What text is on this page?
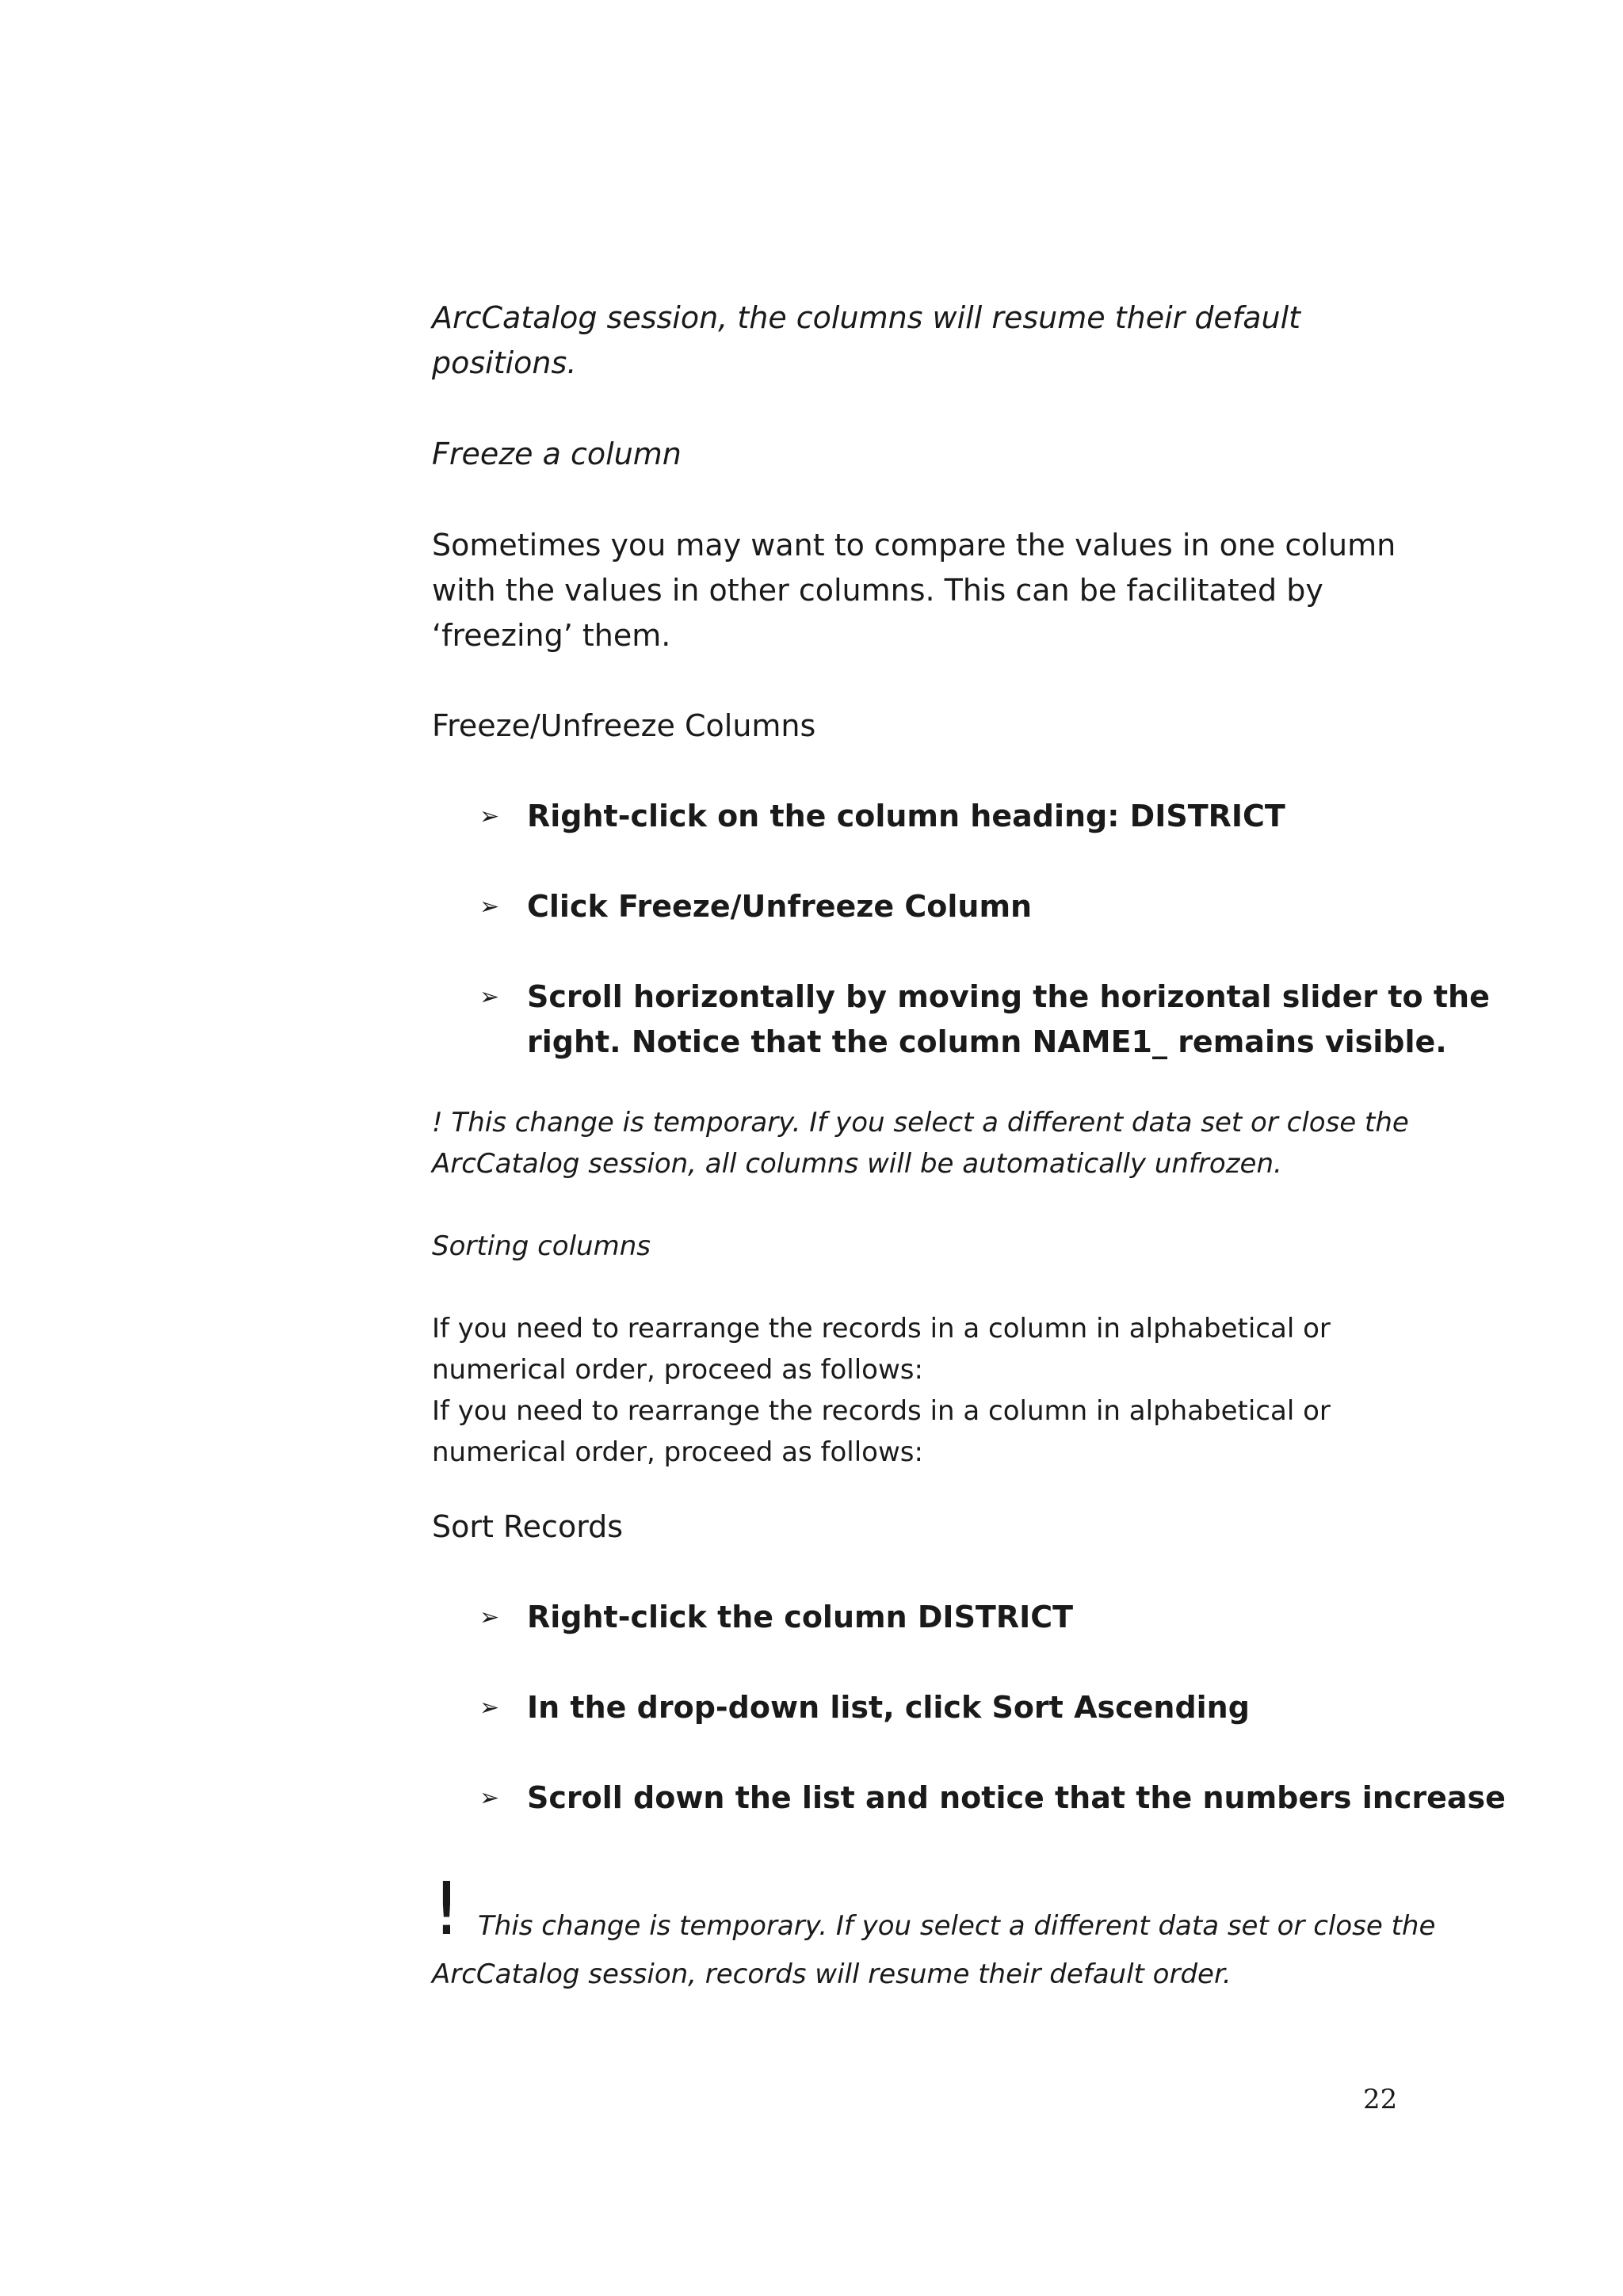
ArcCatalog session, the columns will resume their default

positions.

Freeze a column

Sometimes you may want to compare the values in one column

with the values in other columns. This can be facilitated by

‘freezing’ them.

Freeze/Unfreeze Columns

➢ Right-click on the column heading: DISTRICT
➢ Click Freeze/Unfreeze Column
➢ Scroll horizontally by moving the horizontal slider to the
right. Notice that the column NAME1_ remains visible.

! This change is temporary. If you select a different data set or close the

ArcCatalog session, all columns will be automatically unfrozen.

Sorting columns

If you need to rearrange the records in a column in alphabetical or

numerical order, proceed as follows:

If you need to rearrange the records in a column in alphabetical or

numerical order, proceed as follows:

Sort Records

➢ Right-click the column DISTRICT
➢ In the drop-down list, click Sort Ascending
➢ Scroll down the list and notice that the numbers increase
! This change is temporary. If you select a different data set or close the
ArcCatalog session, records will resume their default order.
22
